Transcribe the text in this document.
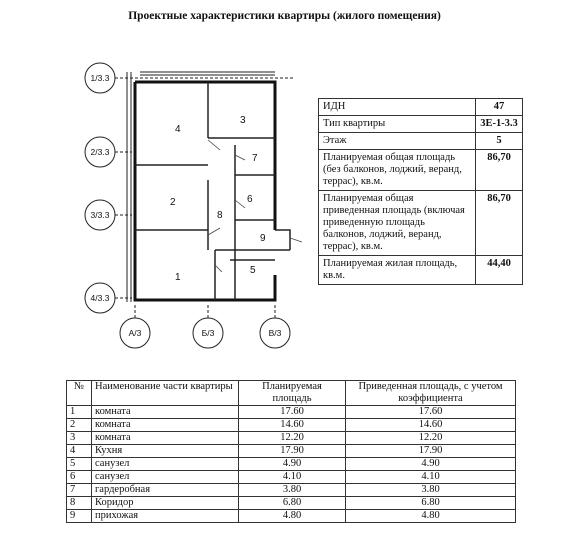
Проектные характеристики квартиры (жилого помещения)
1
2
3
4
5
6
7
8
9
1/3.3
2/3.3
3/3.3
4/3.3
А/3	Б/3	В/3
ИДН	47
Тип квартиры	3Е-1-3.3
Этаж	5
Планируемая общая площадь (без балконов, лоджий, веранд, террас), кв.м.	86,70
Планируемая общая приведенная площадь (включая приведенную площадь балконов, лоджий, веранд, террас), кв.м.	86,70
Планируемая жилая площадь, кв.м.	44,40
№	Наименование части квартиры	Планируемая площадь	Приведенная площадь, с учетом коэффициента
1	комната	17.60	17.60
2	комната	14.60	14.60
3	комната	12.20	12.20
4	Кухня	17.90	17.90
5	санузел	4.90	4.90
6	санузел	4.10	4.10
7	гардеробная	3.80	3.80
8	Коридор	6.80	6.80
9	прихожая	4.80	4.80
